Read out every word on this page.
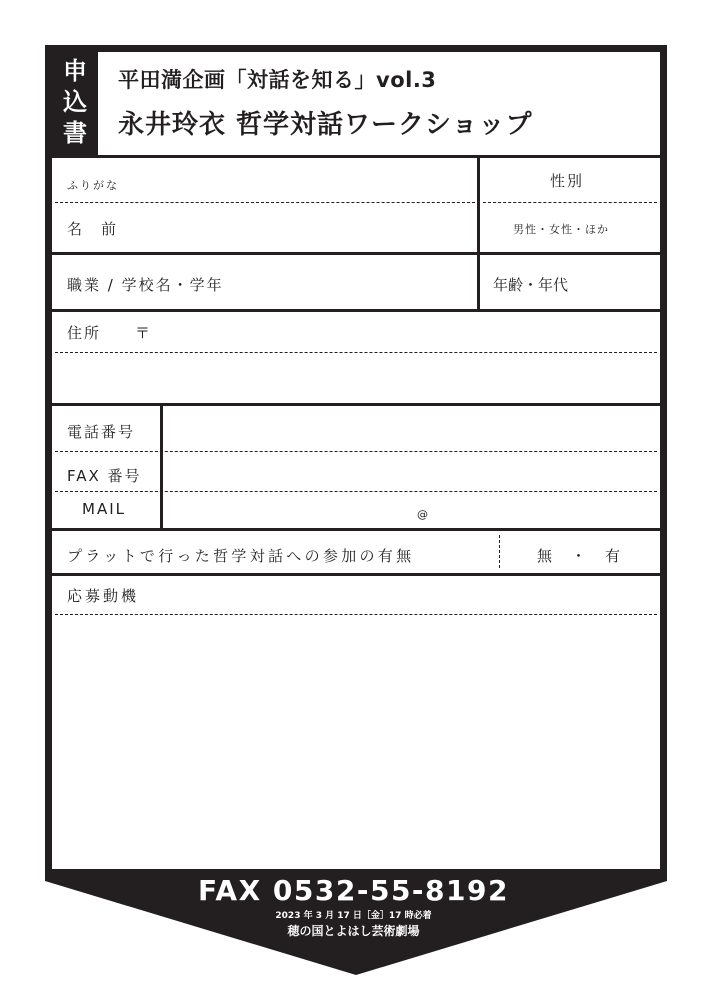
申
込
書
平田満企画「対話を知る」vol.3
永井玲衣 哲学対話ワークショップ
ふりがな	性別
名　前	男性・女性・ほか
職業 / 学校名・学年	年齢・年代
住所　　〒
電話番号
FAX 番号
MAIL	@
プラットで行った哲学対話への参加の有無	無　・　有
応募動機
FAX 0532-55-8192
2023 年 3 月 17 日［金］17 時必着
穂の国とよはし芸術劇場
